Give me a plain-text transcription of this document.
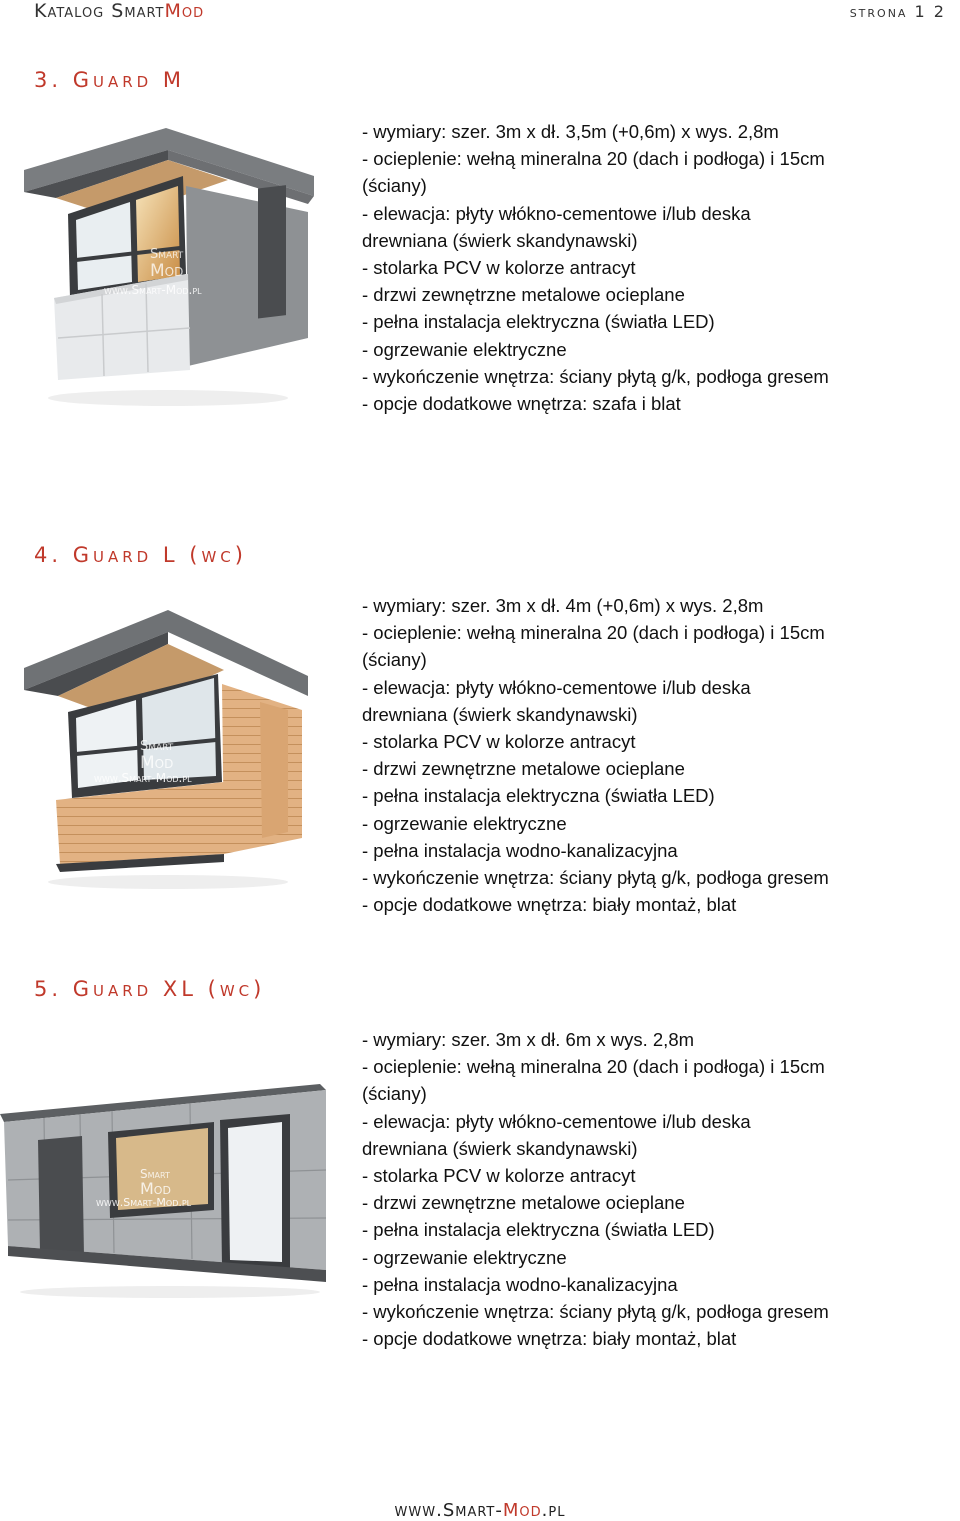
Katalog SmartMod	strona 1 2
3. Guard M
Smart
Mod
www.Smart-Mod.pl
- wymiary: szer. 3m x dł. 3,5m (+0,6m) x wys. 2,8m
- ocieplenie: wełną mineralna 20 (dach i podłoga) i 15cm
(ściany)
- elewacja: płyty włókno-cementowe i/lub deska
drewniana (świerk skandynawski)
- stolarka PCV w kolorze antracyt
- drzwi zewnętrzne metalowe ocieplane
- pełna instalacja elektryczna (światła LED)
- ogrzewanie elektryczne
- wykończenie wnętrza: ściany płytą g/k, podłoga gresem
- opcje dodatkowe wnętrza: szafa i blat
4. Guard L (wc)
Smart
Mod
www.Smart-Mod.pl
- wymiary: szer. 3m x dł. 4m (+0,6m) x wys. 2,8m
- ocieplenie: wełną mineralna 20 (dach i podłoga) i 15cm
(ściany)
- elewacja: płyty włókno-cementowe i/lub deska
drewniana (świerk skandynawski)
- stolarka PCV w kolorze antracyt
- drzwi zewnętrzne metalowe ocieplane
- pełna instalacja elektryczna (światła LED)
- ogrzewanie elektryczne
- pełna instalacja wodno-kanalizacyjna
- wykończenie wnętrza: ściany płytą g/k, podłoga gresem
- opcje dodatkowe wnętrza: biały montaż, blat
5. Guard XL (wc)
Smart
Mod
www.Smart-Mod.pl
- wymiary: szer. 3m x dł. 6m x wys. 2,8m
- ocieplenie: wełną mineralna 20 (dach i podłoga) i 15cm
(ściany)
- elewacja: płyty włókno-cementowe i/lub deska
drewniana (świerk skandynawski)
- stolarka PCV w kolorze antracyt
- drzwi zewnętrzne metalowe ocieplane
- pełna instalacja elektryczna (światła LED)
- ogrzewanie elektryczne
- pełna instalacja wodno-kanalizacyjna
- wykończenie wnętrza: ściany płytą g/k, podłoga gresem
- opcje dodatkowe wnętrza: biały montaż, blat
www.Smart-Mod.pl
